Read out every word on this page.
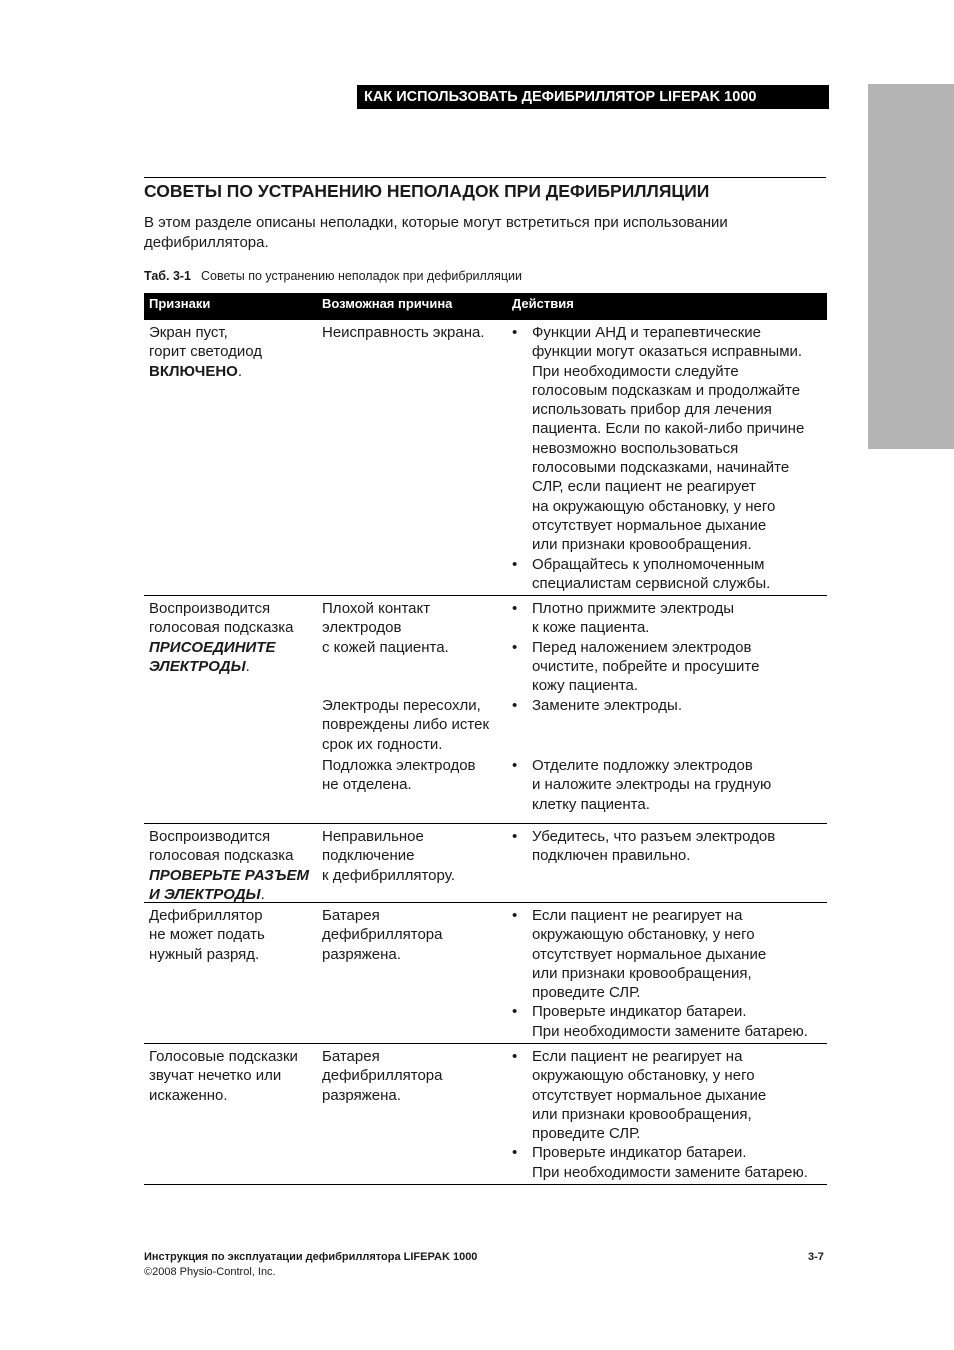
КАК ИСПОЛЬЗОВАТЬ ДЕФИБРИЛЛЯТОР LIFEPAK 1000
СОВЕТЫ ПО УСТРАНЕНИЮ НЕПОЛАДОК ПРИ ДЕФИБРИЛЛЯЦИИ
В этом разделе описаны неполадки, которые могут встретиться при использовании
дефибриллятора.
Таб. 3-1 Советы по устранению неполадок при дефибрилляции
Признаки	Возможная причина	Действия
Экран пуст,
горит светодиод
ВКЛЮЧЕНО.
Неисправность экрана.
•	Функции АНД и терапевтические
функции могут оказаться исправными.
При необходимости следуйте
голосовым подсказкам и продолжайте
использовать прибор для лечения
пациента. Если по какой-либо причине
невозможно воспользоваться
голосовыми подсказками, начинайте
СЛР, если пациент не реагирует
на окружающую обстановку, у него
отсутствует нормальное дыхание
или признаки кровообращения.
• Обращайтесь к уполномоченным
специалистам сервисной службы.
Воспроизводится
голосовая подсказка
ПРИСОЕДИНИТЕ
ЭЛЕКТРОДЫ.
Плохой контакт
электродов
с кожей пациента.
Электроды пересохли,
повреждены либо истек
срок их годности.
Подложка электродов
не отделена.
• Плотно прижмите электроды
к коже пациента.
• Перед наложением электродов
очистите, побрейте и просушите
кожу пациента.
• Замените электроды.
• Отделите подложку электродов
и наложите электроды на грудную
клетку пациента.
Воспроизводится
голосовая подсказка
ПРОВЕРЬТЕ РАЗЪЕМ
И ЭЛЕКТРОДЫ.
Неправильное
подключение
к дефибриллятору.
• Убедитесь, что разъем электродов
подключен правильно.
Дефибриллятор
не может подать
нужный разряд.
Батарея
дефибриллятора
разряжена.
• Если пациент не реагирует на
окружающую обстановку, у него
отсутствует нормальное дыхание
или признаки кровообращения,
проведите СЛР.
• Проверьте индикатор батареи.
При необходимости замените батарею.
Голосовые подсказки
звучат нечетко или
искаженно.
Батарея
дефибриллятора
разряжена.
• Если пациент не реагирует на
окружающую обстановку, у него
отсутствует нормальное дыхание
или признаки кровообращения,
проведите СЛР.
• Проверьте индикатор батареи.
При необходимости замените батарею.
Инструкция по эксплуатации дефибриллятора LIFEPAK 1000
©2008 Physio-Control, Inc.
3-7
